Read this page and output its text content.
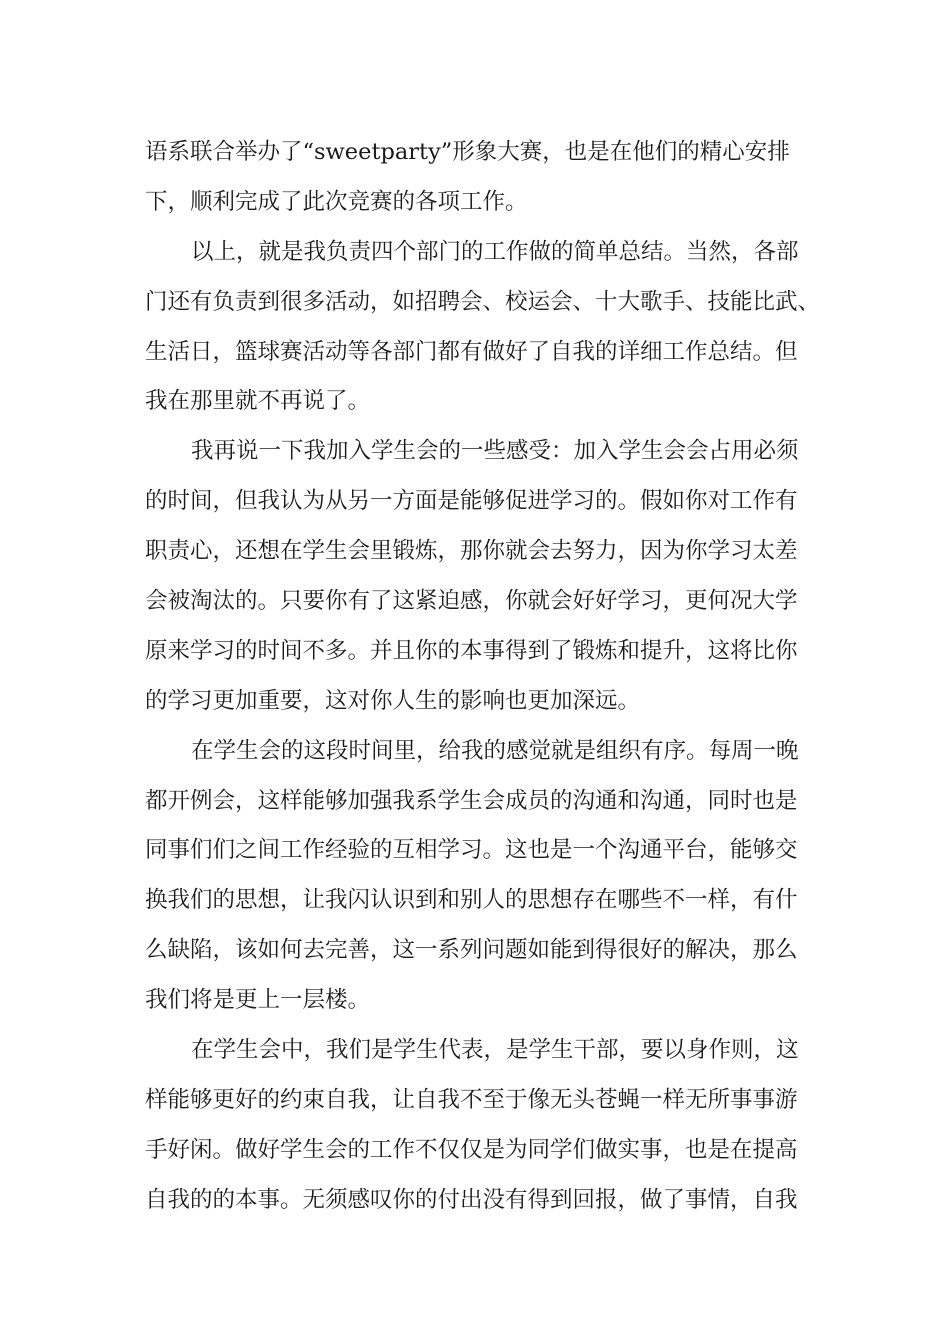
语系联合举办了“sweetparty”形象大赛，也是在他们的精心安排
下，顺利完成了此次竞赛的各项工作。
以上，就是我负责四个部门的工作做的简单总结。当然，各部
门还有负责到很多活动，如招聘会、校运会、十大歌手、技能比武、
生活日，篮球赛活动等各部门都有做好了自我的详细工作总结。但
我在那里就不再说了。
我再说一下我加入学生会的一些感受：加入学生会会占用必须
的时间，但我认为从另一方面是能够促进学习的。假如你对工作有
职责心，还想在学生会里锻炼，那你就会去努力，因为你学习太差
会被淘汰的。只要你有了这紧迫感，你就会好好学习，更何况大学
原来学习的时间不多。并且你的本事得到了锻炼和提升，这将比你
的学习更加重要，这对你人生的影响也更加深远。
在学生会的这段时间里，给我的感觉就是组织有序。每周一晚
都开例会，这样能够加强我系学生会成员的沟通和沟通，同时也是
同事们们之间工作经验的互相学习。这也是一个沟通平台，能够交
换我们的思想，让我闪认识到和别人的思想存在哪些不一样，有什
么缺陷，该如何去完善，这一系列问题如能到得很好的解决，那么
我们将是更上一层楼。
在学生会中，我们是学生代表，是学生干部，要以身作则，这
样能够更好的约束自我，让自我不至于像无头苍蝇一样无所事事游
手好闲。做好学生会的工作不仅仅是为同学们做实事，也是在提高
自我的的本事。无须感叹你的付出没有得到回报，做了事情，自我
